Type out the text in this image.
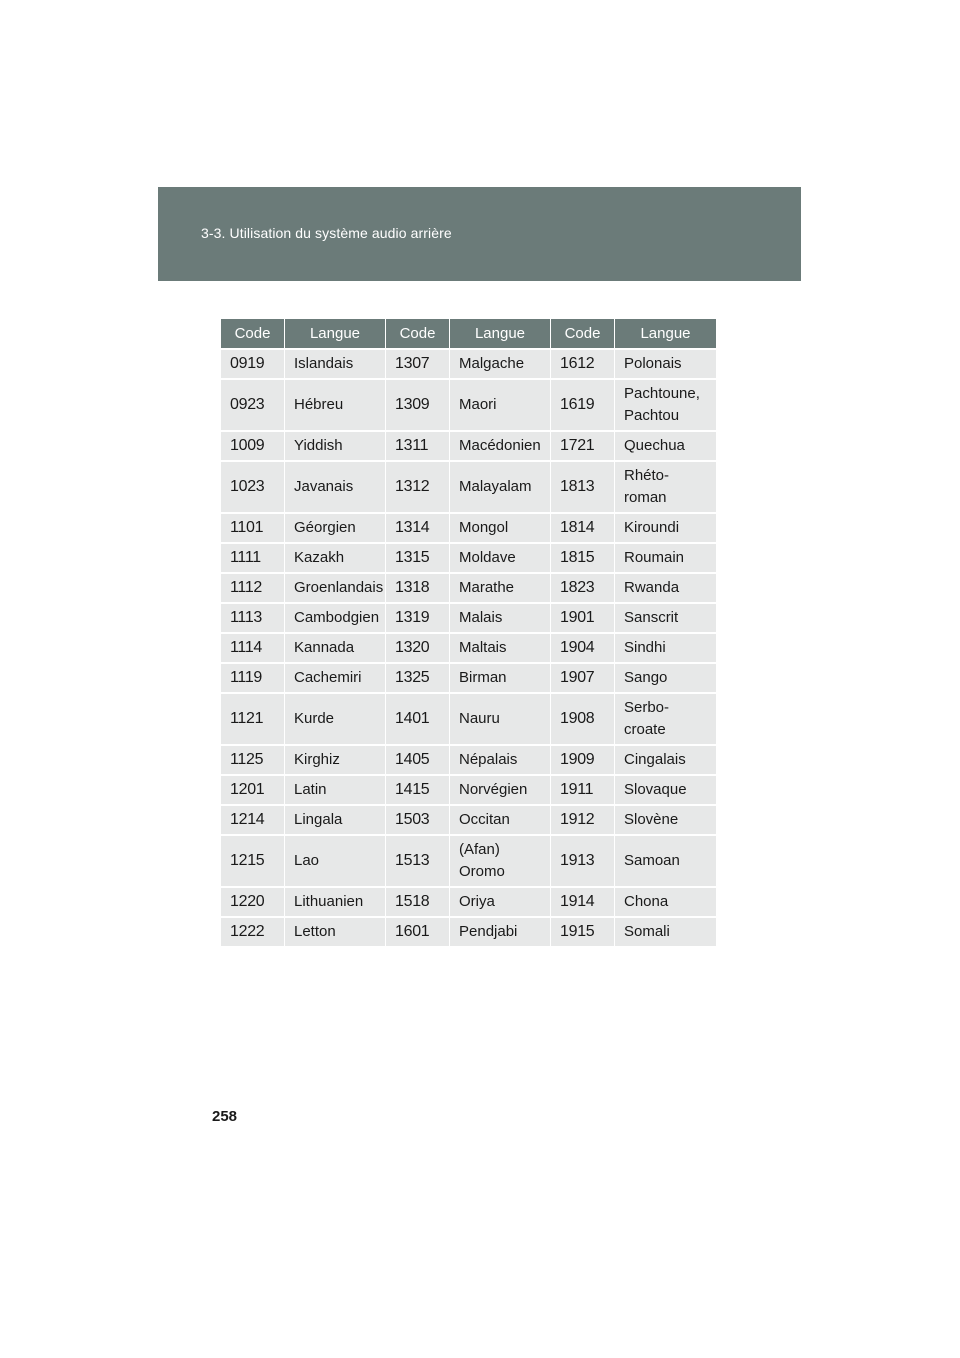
3-3. Utilisation du système audio arrière
Code	Langue	Code	Langue	Code	Langue

0919	Islandais	1307	Malgache	1612	Polonais

0923	Hébreu	1309	Maori	1619	Pachtoune,
Pachtou

1009	Yiddish	1311	Macédonien	1721	Quechua

1023	Javanais	1312	Malayalam	1813	Rhéto-
roman

1101	Géorgien	1314	Mongol	1814	Kiroundi

1111	Kazakh	1315	Moldave	1815	Roumain

1112	Groenlandais	1318	Marathe	1823	Rwanda

1113	Cambodgien	1319	Malais	1901	Sanscrit

1114	Kannada	1320	Maltais	1904	Sindhi

1119	Cachemiri	1325	Birman	1907	Sango

1121	Kurde	1401	Nauru	1908	Serbo-
croate

1125	Kirghiz	1405	Népalais	1909	Cingalais

1201	Latin	1415	Norvégien	1911	Slovaque

1214	Lingala	1503	Occitan	1912	Slovène

1215	Lao	1513	(Afan)
Oromo	1913	Samoan

1220	Lithuanien	1518	Oriya	1914	Chona

1222	Letton	1601	Pendjabi	1915	Somali
258
